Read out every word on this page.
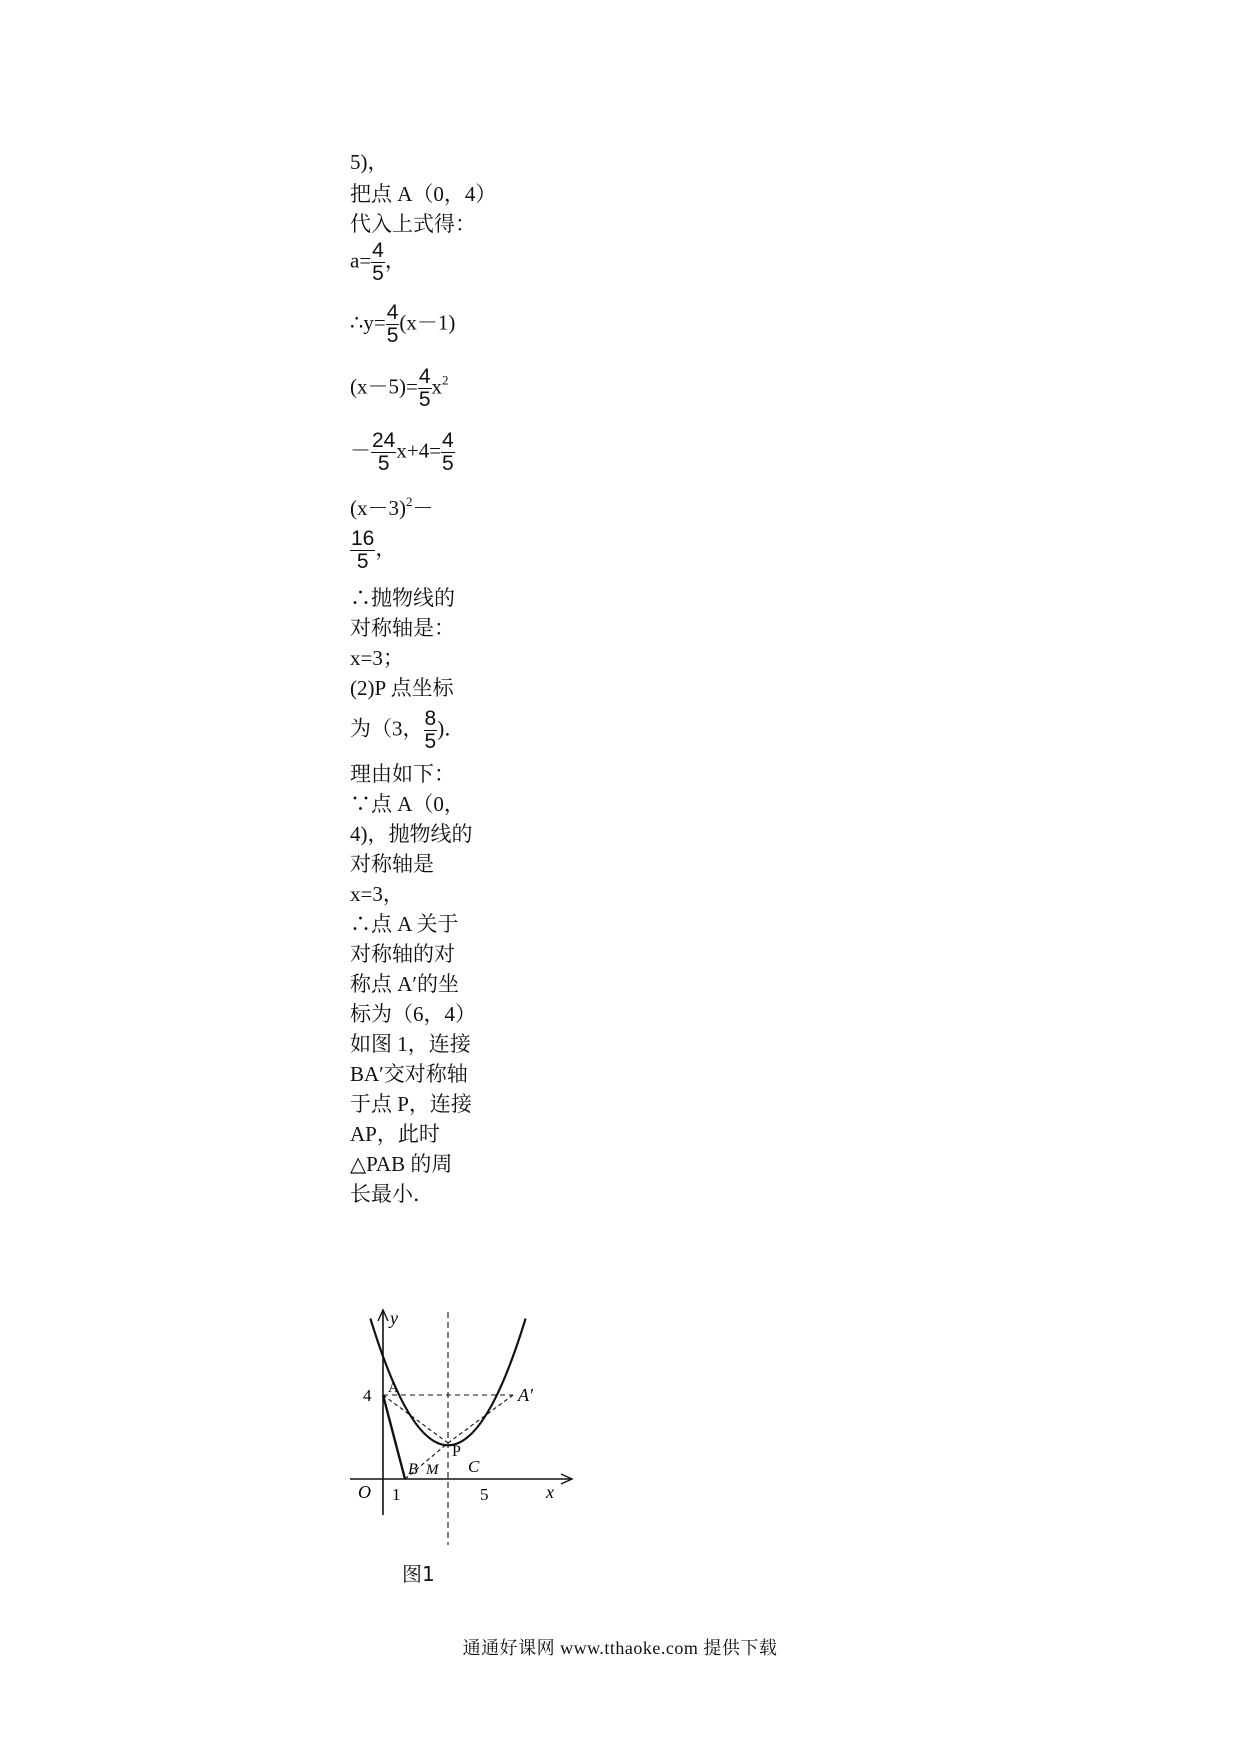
5)，
把点 A（0，4）
代入上式得：
$a= \frac{4}{5}$ ，
∴y= $\frac{4}{5} (x-1)$
$(x-5)= \frac{4}{5} x^2$
－ $\frac{24}{5} x+4= \frac{4}{5}$
$(x-3)^2-$
$\frac{16}{5}$ ，
∴抛物线的
对称轴是：
x=3；
(2)P 点坐标
为（3， $\frac{8}{5}$ )．
理由如下：
∵点 A（0，
4)，抛物线的
对称轴是
x=3，
∴点 A 关于
对称轴的对
称点 A′的坐
标为（6，4）
如图 1，连接
BA′交对称轴
于点 P，连接
AP，此时
△PAB 的周
长最小．
y
x
O
4 A
1	5
A′
P
B M C
图1
通通好课网 www.tthaoke.com 提供下载
